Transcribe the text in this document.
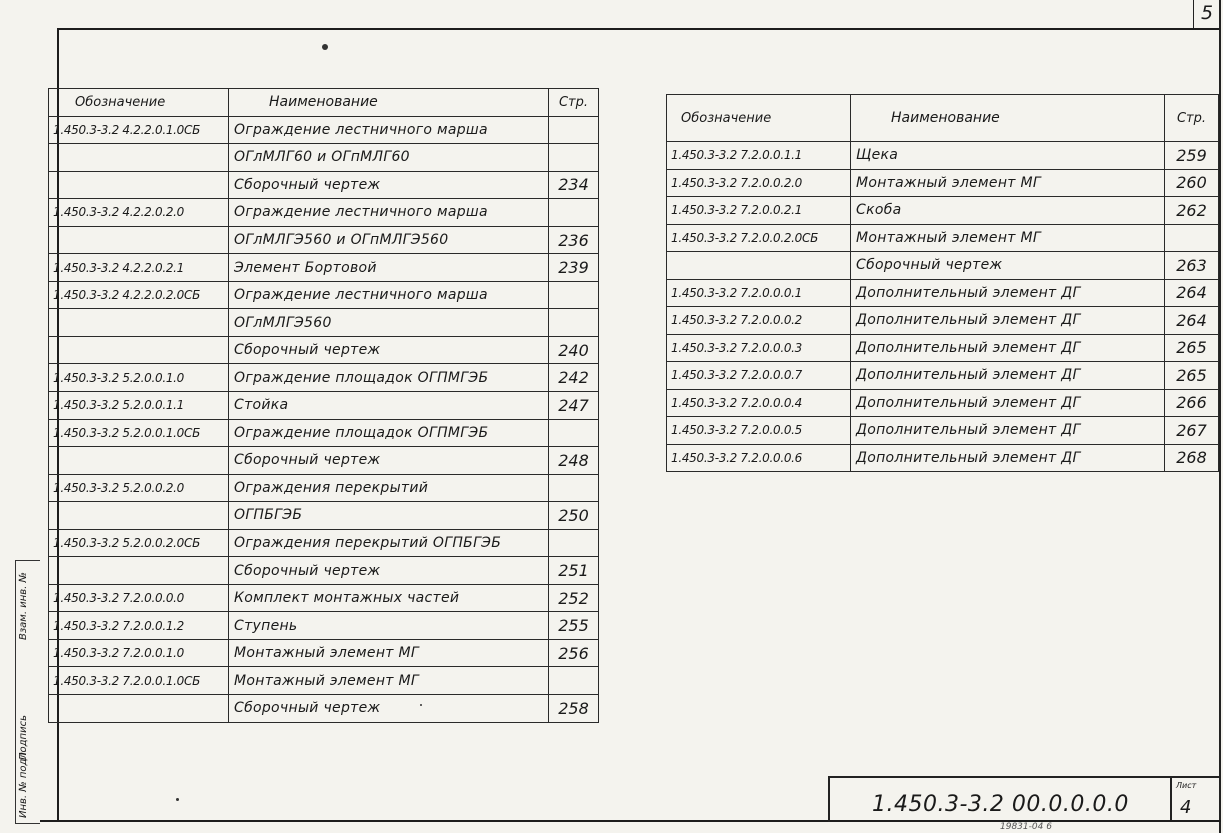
5
Обозначение	Наименование	Стр.
1.450.3-3.2 4.2.2.0.1.0СБ	Ограждение лестничного марша	
	ОГлМЛГ60 и ОГпМЛГ60	
	Сборочный чертеж	234
1.450.3-3.2 4.2.2.0.2.0	Ограждение лестничного марша	
	ОГлМЛГЭ560 и ОГпМЛГЭ560	236
1.450.3-3.2 4.2.2.0.2.1	Элемент Бортовой	239
1.450.3-3.2 4.2.2.0.2.0СБ	Ограждение лестничного марша	
	ОГлМЛГЭ560	
	Сборочный чертеж	240
1.450.3-3.2 5.2.0.0.1.0	Ограждение площадок ОГПМГЭБ	242
1.450.3-3.2 5.2.0.0.1.1	Стойка	247
1.450.3-3.2 5.2.0.0.1.0СБ	Ограждение площадок ОГПМГЭБ	
	Сборочный чертеж	248
1.450.3-3.2 5.2.0.0.2.0	Ограждения перекрытий	
	ОГПБГЭБ	250
1.450.3-3.2 5.2.0.0.2.0СБ	Ограждения перекрытий ОГПБГЭБ	
	Сборочный чертеж	251
1.450.3-3.2 7.2.0.0.0.0	Комплект монтажных частей	252
1.450.3-3.2 7.2.0.0.1.2	Ступень	255
1.450.3-3.2 7.2.0.0.1.0	Монтажный элемент МГ	256
1.450.3-3.2 7.2.0.0.1.0СБ	Монтажный элемент МГ	
	Сборочный чертеж	258
Обозначение	Наименование	Стр.
1.450.3-3.2 7.2.0.0.1.1	Щека	259
1.450.3-3.2 7.2.0.0.2.0	Монтажный элемент МГ	260
1.450.3-3.2 7.2.0.0.2.1	Скоба	262
1.450.3-3.2 7.2.0.0.2.0СБ	Монтажный элемент МГ	
	Сборочный чертеж	263
1.450.3-3.2 7.2.0.0.0.1	Дополнительный элемент ДГ	264
1.450.3-3.2 7.2.0.0.0.2	Дополнительный элемент ДГ	264
1.450.3-3.2 7.2.0.0.0.3	Дополнительный элемент ДГ	265
1.450.3-3.2 7.2.0.0.0.7	Дополнительный элемент ДГ	265
1.450.3-3.2 7.2.0.0.0.4	Дополнительный элемент ДГ	266
1.450.3-3.2 7.2.0.0.0.5	Дополнительный элемент ДГ	267
1.450.3-3.2 7.2.0.0.0.6	Дополнительный элемент ДГ	268
1.450.3-3.2 00.0.0.0.0
Лист
4
19831-04 6
Взам. инв. №
Подпись
Инв. № подл.
